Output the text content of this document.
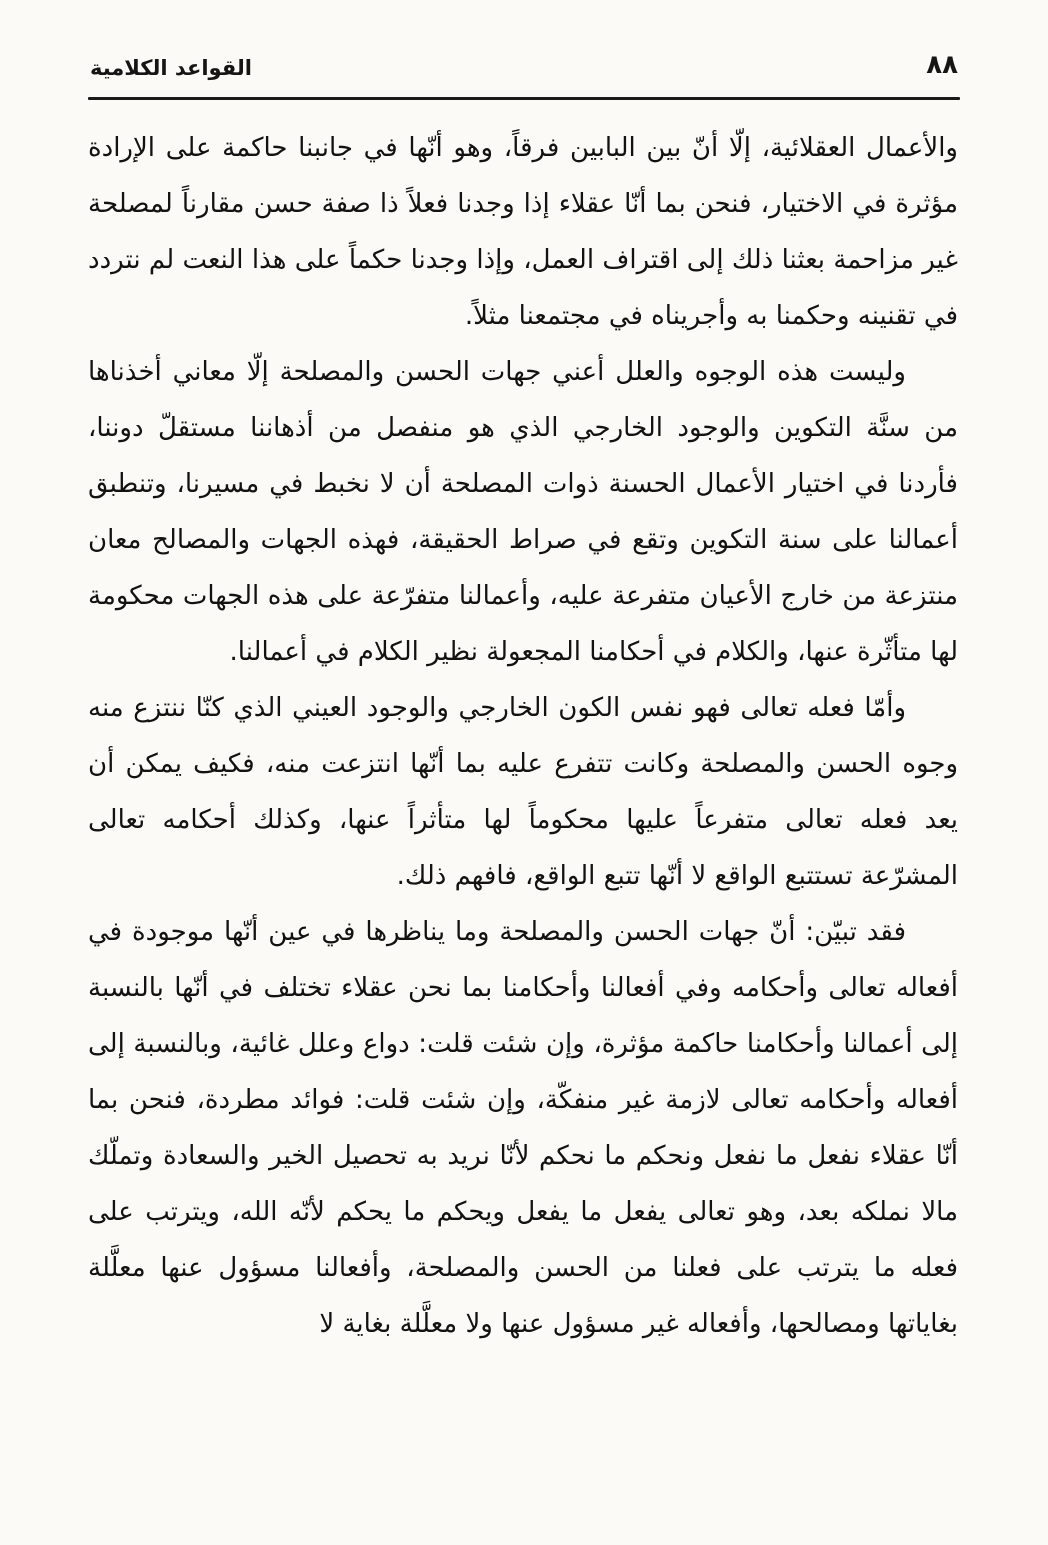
القواعد الكلامية	٨٨

والأعمال العقلائية، إلّا أنّ بين البابين فرقاً، وهو أنّها في جانبنا حاكمة على الإرادة مؤثرة في الاختيار، فنحن بما أنّا عقلاء إذا وجدنا فعلاً ذا صفة حسن مقارناً لمصلحة غير مزاحمة بعثنا ذلك إلى اقتراف العمل، وإذا وجدنا حكماً على هذا النعت لم نتردد في تقنينه وحكمنا به وأجريناه في مجتمعنا مثلاً.

وليست هذه الوجوه والعلل أعني جهات الحسن والمصلحة إلّا معاني أخذناها من سنَّة التكوين والوجود الخارجي الذي هو منفصل من أذهاننا مستقلّ دوننا، فأردنا في اختيار الأعمال الحسنة ذوات المصلحة أن لا نخبط في مسيرنا، وتنطبق أعمالنا على سنة التكوين وتقع في صراط الحقيقة، فهذه الجهات والمصالح معان منتزعة من خارج الأعيان متفرعة عليه، وأعمالنا متفرّعة على هذه الجهات محكومة لها متأثّرة عنها، والكلام في أحكامنا المجعولة نظير الكلام في أعمالنا.

وأمّا فعله تعالى فهو نفس الكون الخارجي والوجود العيني الذي كنّا ننتزع منه وجوه الحسن والمصلحة وكانت تتفرع عليه بما أنّها انتزعت منه، فكيف يمكن أن يعد فعله تعالى متفرعاً عليها محكوماً لها متأثراً عنها، وكذلك أحكامه تعالى المشرّعة تستتبع الواقع لا أنّها تتبع الواقع، فافهم ذلك.

فقد تبيّن: أنّ جهات الحسن والمصلحة وما يناظرها في عين أنّها موجودة في أفعاله تعالى وأحكامه وفي أفعالنا وأحكامنا بما نحن عقلاء تختلف في أنّها بالنسبة إلى أعمالنا وأحكامنا حاكمة مؤثرة، وإن شئت قلت: دواع وعلل غائية، وبالنسبة إلى أفعاله وأحكامه تعالى لازمة غير منفكّة، وإن شئت قلت: فوائد مطردة، فنحن بما أنّا عقلاء نفعل ما نفعل ونحكم ما نحكم لأنّا نريد به تحصيل الخير والسعادة وتملّك مالا نملكه بعد، وهو تعالى يفعل ما يفعل ويحكم ما يحكم لأنّه الله، ويترتب على فعله ما يترتب على فعلنا من الحسن والمصلحة، وأفعالنا مسؤول عنها معلَّلة بغاياتها ومصالحها، وأفعاله غير مسؤول عنها ولا معلَّلة بغاية لا
